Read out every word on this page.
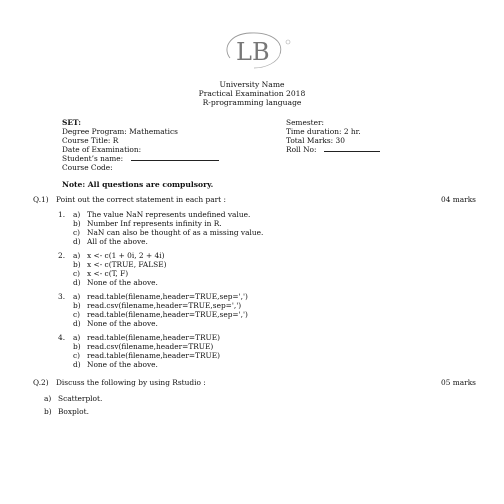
LB
University Name
Practical Examination 2018
R-programming language
SET:
Degree Program: Mathematics
Course Title: R
Date of Examination:
Student’s name:
Course Code:
Semester:
Time duration: 2 hr.
Total Marks: 30
Roll No:
Note: All questions are compulsory.
Q.1) Point out the correct statement in each part :	04 marks
1. a) The value NaN represents undefined value.
b) Number Inf represents infinity in R.
c) NaN can also be thought of as a missing value.
d) All of the above.
2. a) x <- c(1 + 0i, 2 + 4i)
b) x <- c(TRUE, FALSE)
c) x <- c(T, F)
d) None of the above.
3. a) read.table(filename,header=TRUE,sep=',')
b) read.csv(filename,header=TRUE,sep=',')
c) read.table(filename,header=TRUE,sep=',')
d) None of the above.
4. a) read.table(filename,header=TRUE)
b) read.csv(filename,header=TRUE)
c) read.table(filename,header=TRUE)
d) None of the above.
Q.2) Discuss the following by using Rstudio :	05 marks
a) Scatterplot.
b) Boxplot.
